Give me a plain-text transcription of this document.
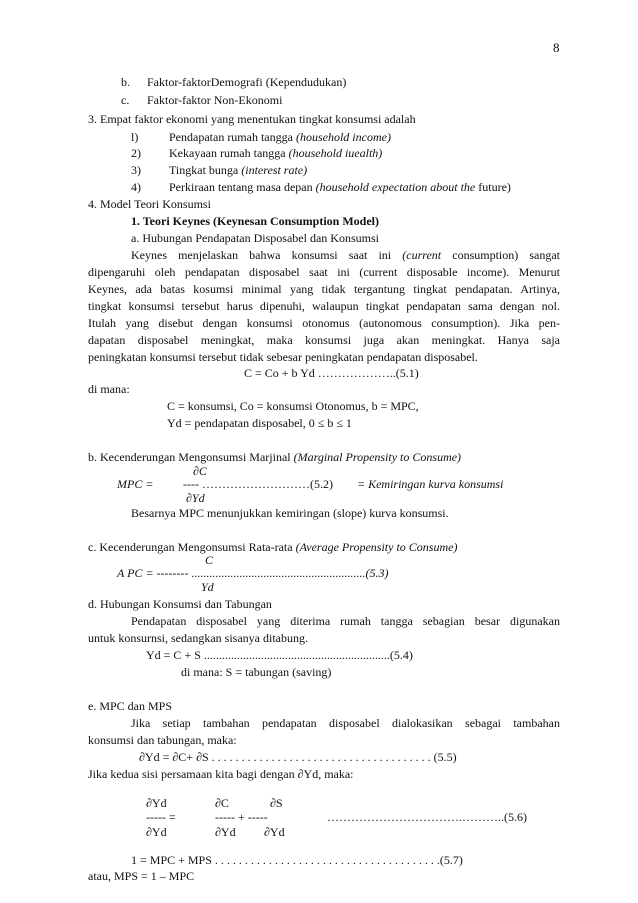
8
b. Faktor-faktorDemografi (Kependudukan)
c. Faktor-faktor Non-Ekonomi
3. Empat faktor ekonomi yang menentukan tingkat konsumsi adalah
l)	Pendapatan rumah tangga (household income)
2) Kekayaan rumah tangga (household iuealth)
3) Tingkat bunga (interest rate)
4) Perkiraan tentang masa depan (household expectation about the future)
4. Model Teori Konsumsi
1. Teori Keynes (Keynesan Consumption Model)
a. Hubungan Pendapatan Disposabel dan Konsumsi
Keynes menjelaskan bahwa konsumsi saat ini (current consumption) sangat
dipengaruhi oleh pendapatan disposabel saat ini (current disposable income). Menurut
Keynes, ada batas kosumsi minimal yang tidak tergantung tingkat pendapatan. Artinya,
tingkat konsumsi tersebut harus dipenuhi, walaupun tingkat pendapatan sama dengan nol.
Itulah yang disebut dengan konsumsi otonomus (autonomous consumption). Jika pen-
dapatan disposabel meningkat, maka konsumsi juga akan meningkat. Hanya saja
peningkatan konsumsi tersebut tidak sebesar peningkatan pendapatan disposabel.
C = Co + b Yd ………………..(5.1)
di mana:
C = konsumsi, Co = konsumsi Otonomus, b = MPC,
Yd = pendapatan disposabel, 0 ≤ b ≤ 1
b. Kecenderungan Mengonsumsi Marjinal (Marginal Propensity to Consume)
∂C
MPC = ---- ………………………(5.2) = Kemiringan kurva konsumsi
∂Yd
Besarnya MPC menunjukkan kemiringan (slope) kurva konsumsi.
c. Kecenderungan Mengonsumsi Rata-rata (Average Propensity to Consume)
C
A PC = -------- ..........................................................(5.3)
Yd
d. Hubungan Konsumsi dan Tabungan
Pendapatan disposabel yang diterima rumah tangga sebagian besar digunakan
untuk konsurnsi, sedangkan sisanya ditabung.
Yd = C + S ..............................................................(5.4)
di mana: S = tabungan (saving)
e. MPC dan MPS
Jika setiap tambahan pendapatan disposabel dialokasikan sebagai tambahan
konsumsi dan tabungan, maka:
∂Yd = ∂C+ ∂S . . . . . . . . . . . . . . . . . . . . . . . . . . . . . . . . . . . . . (5.5)
Jika kedua sisi persamaan kita bagi dengan ∂Yd, maka:
∂Yd	∂C	∂S
----- =	----- + -----	…………………………….………..(5.6)
∂Yd	∂Yd ∂Yd
1 = MPC + MPS . . . . . . . . . . . . . . . . . . . . . . . . . . . . . . . . . . . . . .(5.7)
atau, MPS = 1 – MPC
